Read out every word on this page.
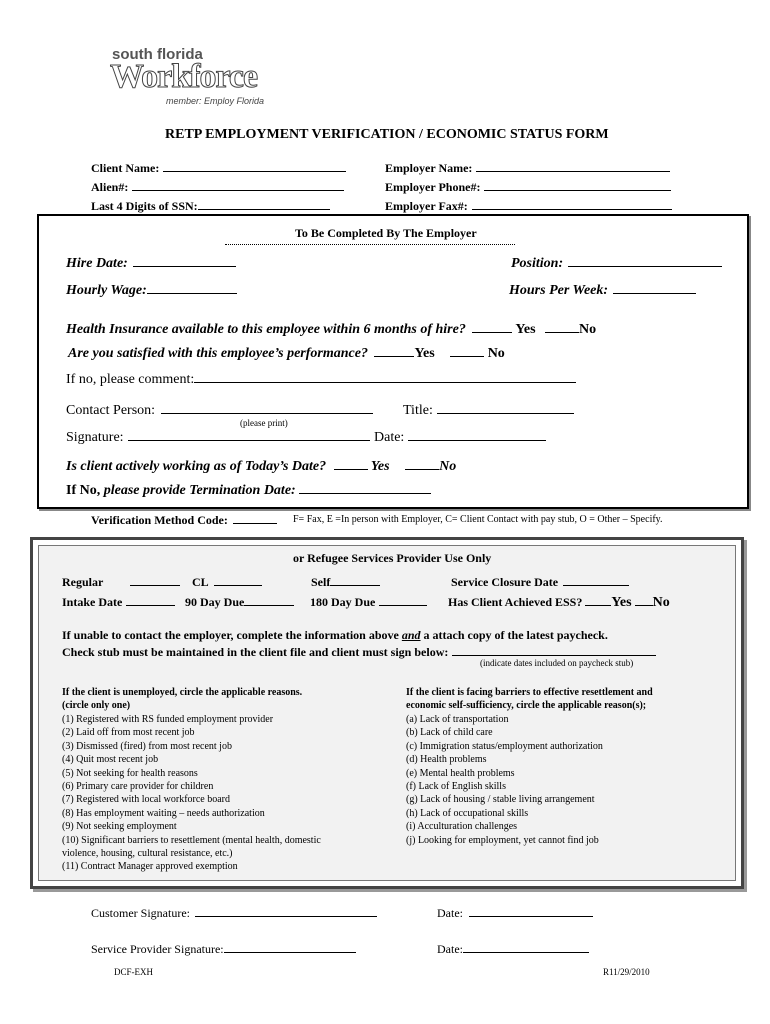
south florida
Workforce
member: Employ Florida
RETP EMPLOYMENT VERIFICATION / ECONOMIC STATUS FORM
Client Name:
Alien#:
Last 4 Digits of SSN:
Employer Name:
Employer Phone#:
Employer Fax#:
To Be Completed By The Employer
Hire Date:	Position:
Hourly Wage:	Hours Per Week:
Health Insurance available to this employee within 6 months of hire?	Yes	No
Are you satisfied with this employee’s performance?	Yes	No
If no, please comment:
Contact Person:
(please print)
Title:
Signature:	Date:
Is client actively working as of Today’s Date?	Yes	No
If No, please provide Termination Date:
Verification Method Code:	F= Fax, E =In person with Employer, C= Client Contact with pay stub, O = Other – Specify.
or Refugee Services Provider Use Only
Regular	CL	Self	Service Closure Date
Intake Date	90 Day Due	180 Day Due	Has Client Achieved ESS? Yes No
If unable to contact the employer, complete the information above and a attach copy of the latest paycheck.
Check stub must be maintained in the client file and client must sign below:
(indicate dates included on paycheck stub)
If the client is unemployed, circle the applicable reasons.
(circle only one)
(1) Registered with RS funded employment provider
(2) Laid off from most recent job
(3) Dismissed (fired) from most recent job
(4) Quit most recent job
(5) Not seeking for health reasons
(6) Primary care provider for children
(7) Registered with local workforce board
(8) Has employment waiting – needs authorization
(9) Not seeking employment
(10) Significant barriers to resettlement (mental health, domestic
violence, housing, cultural resistance, etc.)
(11) Contract Manager approved exemption
If the client is facing barriers to effective resettlement and
economic self-sufficiency, circle the applicable reason(s);
(a) Lack of transportation
(b) Lack of child care
(c) Immigration status/employment authorization
(d) Health problems
(e) Mental health problems
(f) Lack of English skills
(g) Lack of housing / stable living arrangement
(h) Lack of occupational skills
(i) Acculturation challenges
(j) Looking for employment, yet cannot find job
Customer Signature:	Date:
Service Provider Signature:	Date:
DCF-EXH	R11/29/2010
